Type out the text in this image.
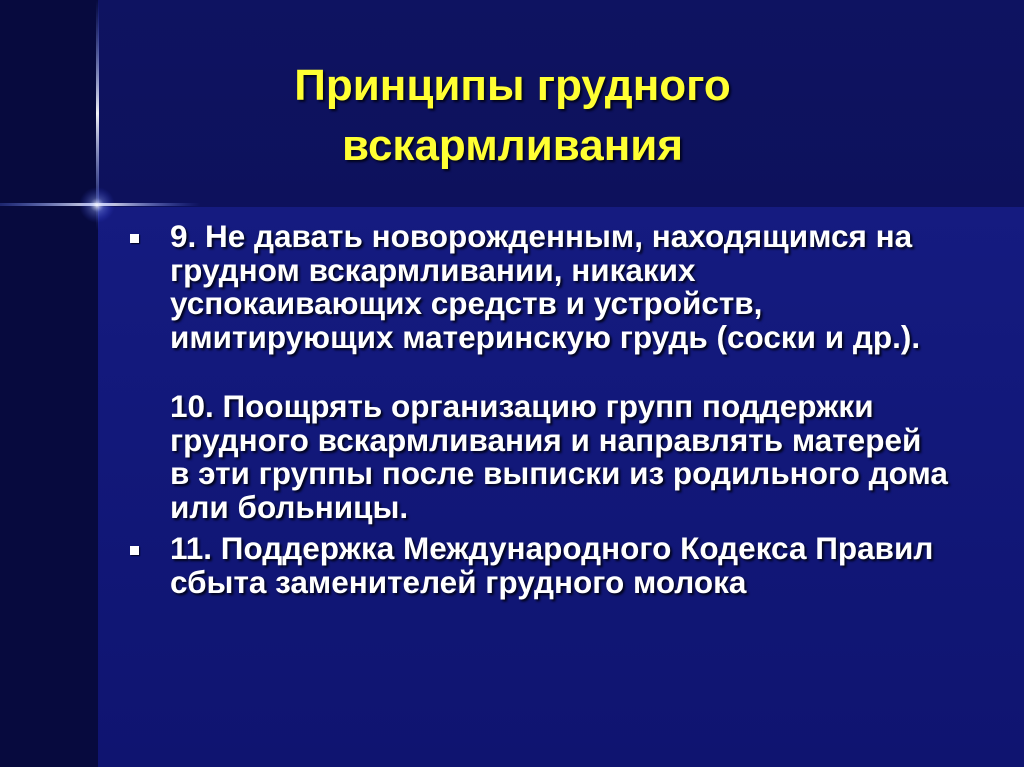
Принципы грудного вскармливания

9. Не давать новорожденным, находящимся на грудном вскармливании, никаких успокаивающих средств и устройств, имитирующих материнскую грудь (соски и др.).

10. Поощрять организацию групп поддержки грудного вскармливания и направлять матерей в эти группы после выписки из родильного дома или больницы.

11. Поддержка Международного Кодекса Правил сбыта заменителей грудного молока
